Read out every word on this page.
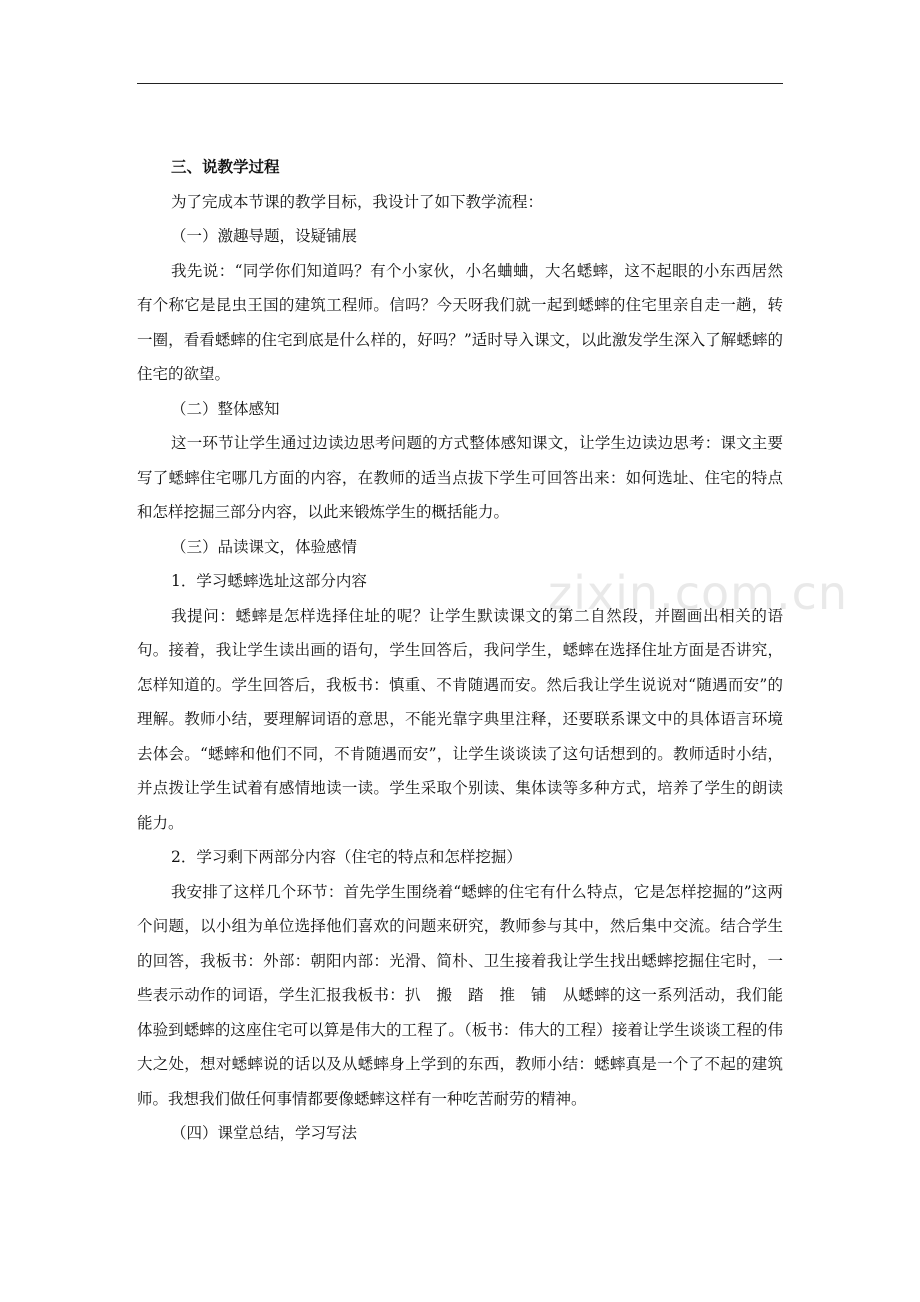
zixin.com.cn

三、说教学过程

为了完成本节课的教学目标，我设计了如下教学流程：

（一）激趣导题，设疑铺展

我先说：“同学你们知道吗？有个小家伙，小名蛐蛐，大名蟋蟀，这不起眼的小东西居然有个称它是昆虫王国的建筑工程师。信吗？今天呀我们就一起到蟋蟀的住宅里亲自走一趟，转一圈，看看蟋蟀的住宅到底是什么样的，好吗？”适时导入课文，以此激发学生深入了解蟋蟀的住宅的欲望。

（二）整体感知

这一环节让学生通过边读边思考问题的方式整体感知课文，让学生边读边思考：课文主要写了蟋蟀住宅哪几方面的内容，在教师的适当点拔下学生可回答出来：如何选址、住宅的特点和怎样挖掘三部分内容，以此来锻炼学生的概括能力。

（三）品读课文，体验感情

1．学习蟋蟀选址这部分内容

我提问：蟋蟀是怎样选择住址的呢？让学生默读课文的第二自然段，并圈画出相关的语句。接着，我让学生读出画的语句，学生回答后，我问学生，蟋蟀在选择住址方面是否讲究，怎样知道的。学生回答后，我板书：慎重、不肯随遇而安。然后我让学生说说对“随遇而安”的理解。教师小结，要理解词语的意思，不能光靠字典里注释，还要联系课文中的具体语言环境去体会。“蟋蟀和他们不同，不肯随遇而安”，让学生谈谈读了这句话想到的。教师适时小结，并点拨让学生试着有感情地读一读。学生采取个别读、集体读等多种方式，培养了学生的朗读能力。

2．学习剩下两部分内容（住宅的特点和怎样挖掘）

我安排了这样几个环节：首先学生围绕着“蟋蟀的住宅有什么特点，它是怎样挖掘的”这两个问题，以小组为单位选择他们喜欢的问题来研究，教师参与其中，然后集中交流。结合学生的回答，我板书：外部：朝阳内部：光滑、简朴、卫生接着我让学生找出蟋蟀挖掘住宅时，一些表示动作的词语，学生汇报我板书：扒　搬　踏　推　铺　从蟋蟀的这一系列活动，我们能体验到蟋蟀的这座住宅可以算是伟大的工程了。（板书：伟大的工程）接着让学生谈谈工程的伟大之处，想对蟋蟀说的话以及从蟋蟀身上学到的东西，教师小结：蟋蟀真是一个了不起的建筑师。我想我们做任何事情都要像蟋蟀这样有一种吃苦耐劳的精神。

（四）课堂总结，学习写法
